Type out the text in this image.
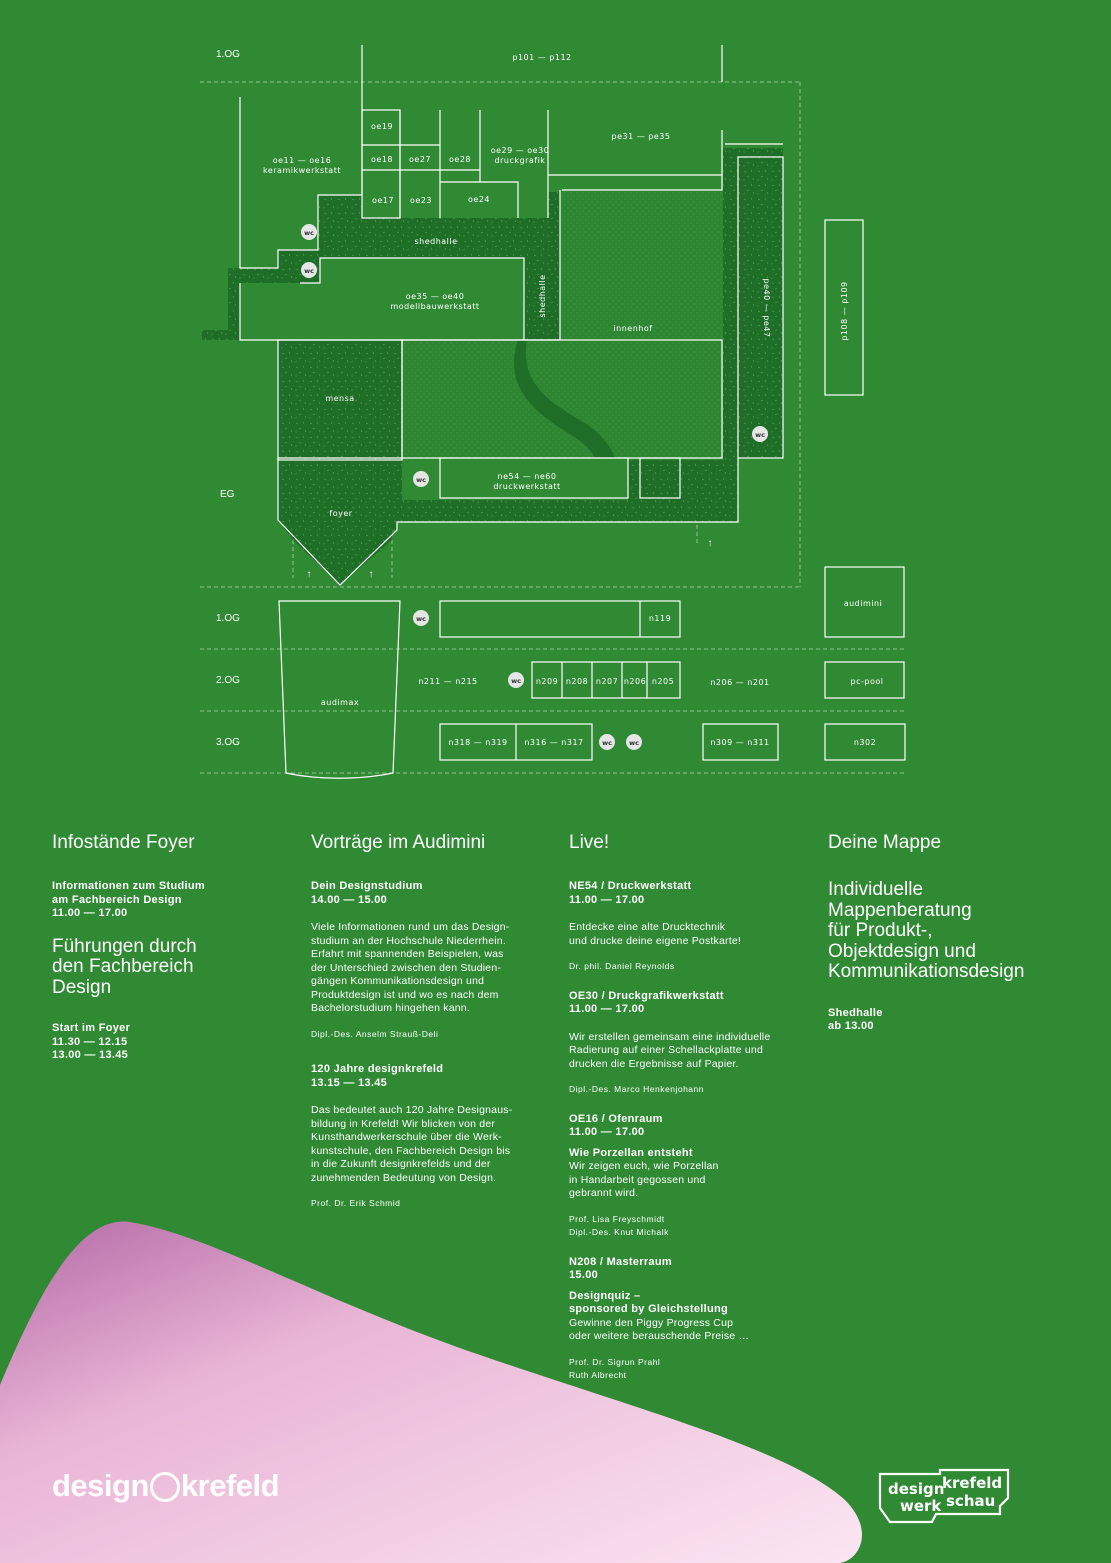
1.OG
EG
1.OG
2.OG
3.OG
p101 — p112
oe19
oe18 oe27 oe28
oe29 — oe30
druckgrafik
pe31 — pe35
oe11 — oe16
keramikwerkstatt
oe17 oe23	oe24
shedhalle
shedhalle
oe35 — oe40
modellbauwerkstatt
innenhof	pe40 — pe47	p108 — p109
mensa
ne54 — ne60
druckwerkstatt
foyer
audimini
n119
audimax
n211 — n215	n209 n208 n207 n206 n205	n206 — n201	pc-pool
n318 — n319 n316 — n317	n309 — n311	n302
wc
wc
wc
wc
wc
wc
wc	wc
↑	↑
↑
Infostände Foyer
Informationen zum Studium
am Fachbereich Design
11.00 — 17.00
Führungen durch
den Fachbereich
Design
Start im Foyer
11.30 — 12.15
13.00 — 13.45
Vorträge im Audimini
Dein Designstudium
14.00 — 15.00
Viele Informationen rund um das Design-
studium an der Hochschule Niederrhein.
Erfahrt mit spannenden Beispielen, was
der Unterschied zwischen den Studien-
gängen Kommunikationsdesign und
Produktdesign ist und wo es nach dem
Bachelorstudium hingehen kann.
Dipl.-Des. Anselm Strauß-Deli
120 Jahre designkrefeld
13.15 — 13.45
Das bedeutet auch 120 Jahre Designaus-
bildung in Krefeld! Wir blicken von der
Kunsthandwerkerschule über die Werk-
kunstschule, den Fachbereich Design bis
in die Zukunft designkrefelds und der
zunehmenden Bedeutung von Design.
Prof. Dr. Erik Schmid
Live!
NE54 / Druckwerkstatt
11.00 — 17.00
Entdecke eine alte Drucktechnik
und drucke deine eigene Postkarte!
Dr. phil. Daniel Reynolds
OE30 / Druckgrafikwerkstatt
11.00 — 17.00
Wir erstellen gemeinsam eine individuelle
Radierung auf einer Schellackplatte und
drucken die Ergebnisse auf Papier.
Dipl.-Des. Marco Henkenjohann
OE16 / Ofenraum
11.00 — 17.00
Wie Porzellan entsteht
Wir zeigen euch, wie Porzellan
in Handarbeit gegossen und
gebrannt wird.
Prof. Lisa Freyschmidt
Dipl.-Des. Knut Michalk
N208 / Masterraum
15.00
Designquiz –
sponsored by Gleichstellung
Gewinne den Piggy Progress Cup
oder weitere berauschende Preise …
Prof. Dr. Sigrun Prahl
Ruth Albrecht
Deine Mappe
Individuelle
Mappenberatung
für Produkt-,
Objektdesign und
Kommunikationsdesign
Shedhalle
ab 13.00
design krefeld	design
krefeld
werk schau
